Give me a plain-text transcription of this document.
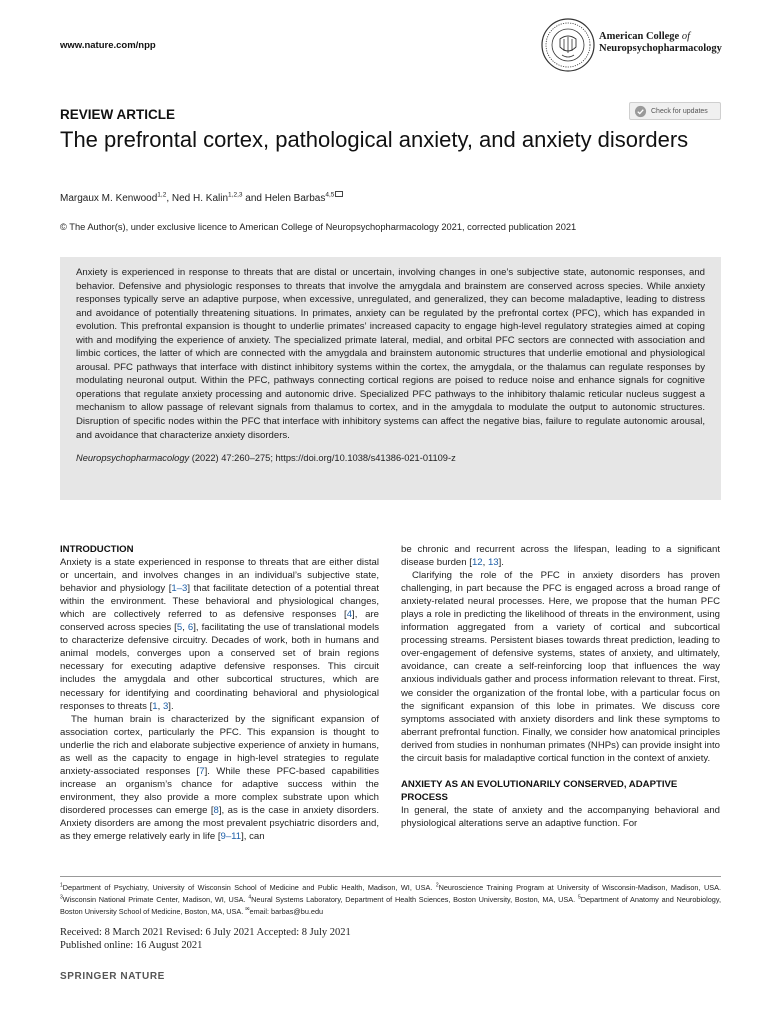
www.nature.com/npp
American College of
Neuropsychopharmacology
REVIEW ARTICLE	Check for updates
The prefrontal cortex, pathological anxiety, and anxiety disorders
Margaux M. Kenwood$^{1,2}$, Ned H. Kalin$^{1,2,3}$ and Helen Barbas$^{4,5}$
© The Author(s), under exclusive licence to American College of Neuropsychopharmacology 2021, corrected publication 2021

Anxiety is experienced in response to threats that are distal or uncertain, involving changes in one’s subjective state, autonomic responses, and behavior. Defensive and physiologic responses to threats that involve the amygdala and brainstem are conserved across species. While anxiety responses typically serve an adaptive purpose, when excessive, unregulated, and generalized, they can become maladaptive, leading to distress and avoidance of potentially threatening situations. In primates, anxiety can be regulated by the prefrontal cortex (PFC), which has expanded in evolution. This prefrontal expansion is thought to underlie primates’ increased capacity to engage high-level regulatory strategies aimed at coping with and modifying the experience of anxiety. The specialized primate lateral, medial, and orbital PFC sectors are connected with association and limbic cortices, the latter of which are connected with the amygdala and brainstem autonomic structures that underlie emotional and physiological arousal. PFC pathways that interface with distinct inhibitory systems within the cortex, the amygdala, or the thalamus can regulate responses by modulating neuronal output. Within the PFC, pathways connecting cortical regions are poised to reduce noise and enhance signals for cognitive operations that regulate anxiety processing and autonomic drive. Specialized PFC pathways to the inhibitory thalamic reticular nucleus suggest a mechanism to allow passage of relevant signals from thalamus to cortex, and in the amygdala to modulate the output to autonomic structures. Disruption of specific nodes within the PFC that interface with inhibitory systems can affect the negative bias, failure to regulate autonomic arousal, and avoidance that characterize anxiety disorders.

Neuropsychopharmacology (2022) 47:260–275; https://doi.org/10.1038/s41386-021-01109-z

INTRODUCTION

Anxiety is a state experienced in response to threats that are either distal or uncertain, and involves changes in an individual’s subjective state, behavior and physiology [1–3] that facilitate detection of a potential threat within the environment. These behavioral and physiological changes, which are collectively referred to as defensive responses [4], are conserved across species [5, 6], facilitating the use of translational models to characterize defensive circuitry. Decades of work, both in humans and animal models, converges upon a conserved set of brain regions necessary for executing adaptive defensive responses. This circuit includes the amygdala and other subcortical structures, which are necessary for identifying and coordinating behavioral and physiological responses to threats [1, 3].

The human brain is characterized by the significant expansion of association cortex, particularly the PFC. This expansion is thought to underlie the rich and elaborate subjective experience of anxiety in humans, as well as the capacity to engage in high-level strategies to regulate anxiety-associated responses [7]. While these PFC-based capabilities increase an organism’s chance for adaptive success within the environment, they also provide a more complex substrate upon which disordered processes can emerge [8], as is the case in anxiety disorders. Anxiety disorders are among the most prevalent psychiatric disorders and, as they emerge relatively early in life [9–11], can

be chronic and recurrent across the lifespan, leading to a significant disease burden [12, 13].

Clarifying the role of the PFC in anxiety disorders has proven challenging, in part because the PFC is engaged across a broad range of anxiety-related neural processes. Here, we propose that the human PFC plays a role in predicting the likelihood of threats in the environment, using information aggregated from a variety of cortical and subcortical processing streams. Persistent biases towards threat prediction, leading to over-engagement of defensive systems, states of anxiety, and ultimately, avoidance, can create a self-reinforcing loop that influences the way anxious individuals gather and process information relevant to threat. First, we consider the organization of the frontal lobe, with a particular focus on the significant expansion of this lobe in primates. We discuss core symptoms associated with anxiety disorders and link these symptoms to aberrant prefrontal function. Finally, we consider how anatomical principles derived from studies in nonhuman primates (NHPs) can provide insight into the circuit basis for maladaptive cortical function in the context of anxiety.

ANXIETY AS AN EVOLUTIONARILY CONSERVED, ADAPTIVE PROCESS

In general, the state of anxiety and the accompanying behavioral and physiological alterations serve an adaptive function. For

$^1$Department of Psychiatry, University of Wisconsin School of Medicine and Public Health, Madison, WI, USA. $^2$Neuroscience Training Program at University of Wisconsin-Madison, Madison, USA. $^3$Wisconsin National Primate Center, Madison, WI, USA. $^4$Neural Systems Laboratory, Department of Health Sciences, Boston University, Boston, MA, USA. $^5$Department of Anatomy and Neurobiology, Boston University School of Medicine, Boston, MA, USA. ✉email: barbas@bu.edu
Received: 8 March 2021 Revised: 6 July 2021 Accepted: 8 July 2021
Published online: 16 August 2021
SPRINGER NATURE
